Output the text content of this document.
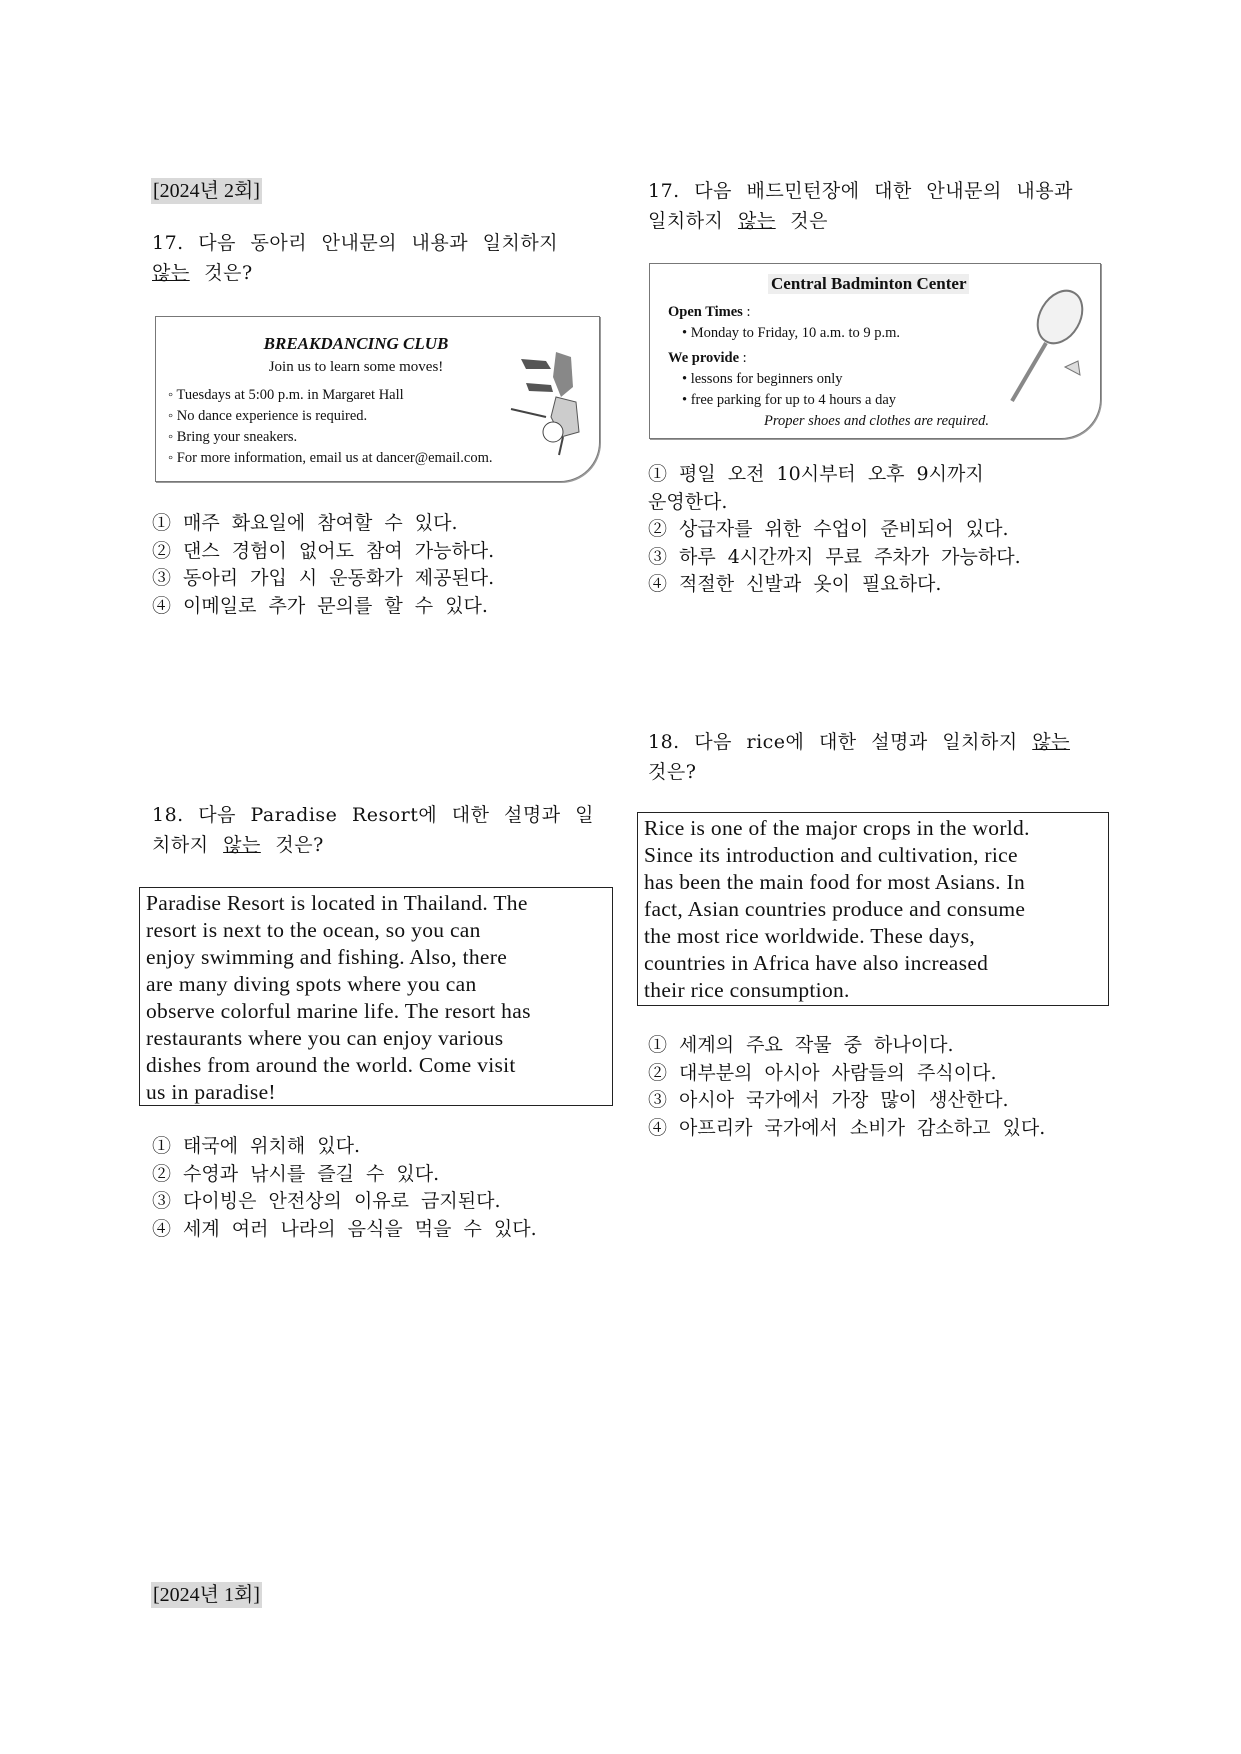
[2024년 2회]
17. 다음 동아리 안내문의 내용과 일치하지
않는 것은?
BREAKDANCING CLUB
Join us to learn some moves!
◦ Tuesdays at 5:00 p.m. in Margaret Hall
◦ No dance experience is required.
◦ Bring your sneakers.
◦ For more information, email us at dancer@email.com.
① 매주 화요일에 참여할 수 있다.
② 댄스 경험이 없어도 참여 가능하다.
③ 동아리 가입 시 운동화가 제공된다.
④ 이메일로 추가 문의를 할 수 있다.
18. 다음 Paradise Resort에 대한 설명과 일
치하지 않는 것은?
Paradise Resort is located in Thailand. The
resort is next to the ocean, so you can
enjoy swimming and fishing. Also, there
are many diving spots where you can
observe colorful marine life. The resort has
restaurants where you can enjoy various
dishes from around the world. Come visit
us in paradise!
① 태국에 위치해 있다.
② 수영과 낚시를 즐길 수 있다.
③ 다이빙은 안전상의 이유로 금지된다.
④ 세계 여러 나라의 음식을 먹을 수 있다.
17. 다음 배드민턴장에 대한 안내문의 내용과
일치하지 않는 것은
Central Badminton Center
Open Times :
• Monday to Friday, 10 a.m. to 9 p.m.
We provide :
• lessons for beginners only
• free parking for up to 4 hours a day
Proper shoes and clothes are required.
① 평일 오전 10시부터 오후 9시까지
운영한다.
② 상급자를 위한 수업이 준비되어 있다.
③ 하루 4시간까지 무료 주차가 가능하다.
④ 적절한 신발과 옷이 필요하다.
18. 다음 rice에 대한 설명과 일치하지 않는
것은?
Rice is one of the major crops in the world.
Since its introduction and cultivation, rice
has been the main food for most Asians. In
fact, Asian countries produce and consume
the most rice worldwide. These days,
countries in Africa have also increased
their rice consumption.
① 세계의 주요 작물 중 하나이다.
② 대부분의 아시아 사람들의 주식이다.
③ 아시아 국가에서 가장 많이 생산한다.
④ 아프리카 국가에서 소비가 감소하고 있다.
[2024년 1회]
